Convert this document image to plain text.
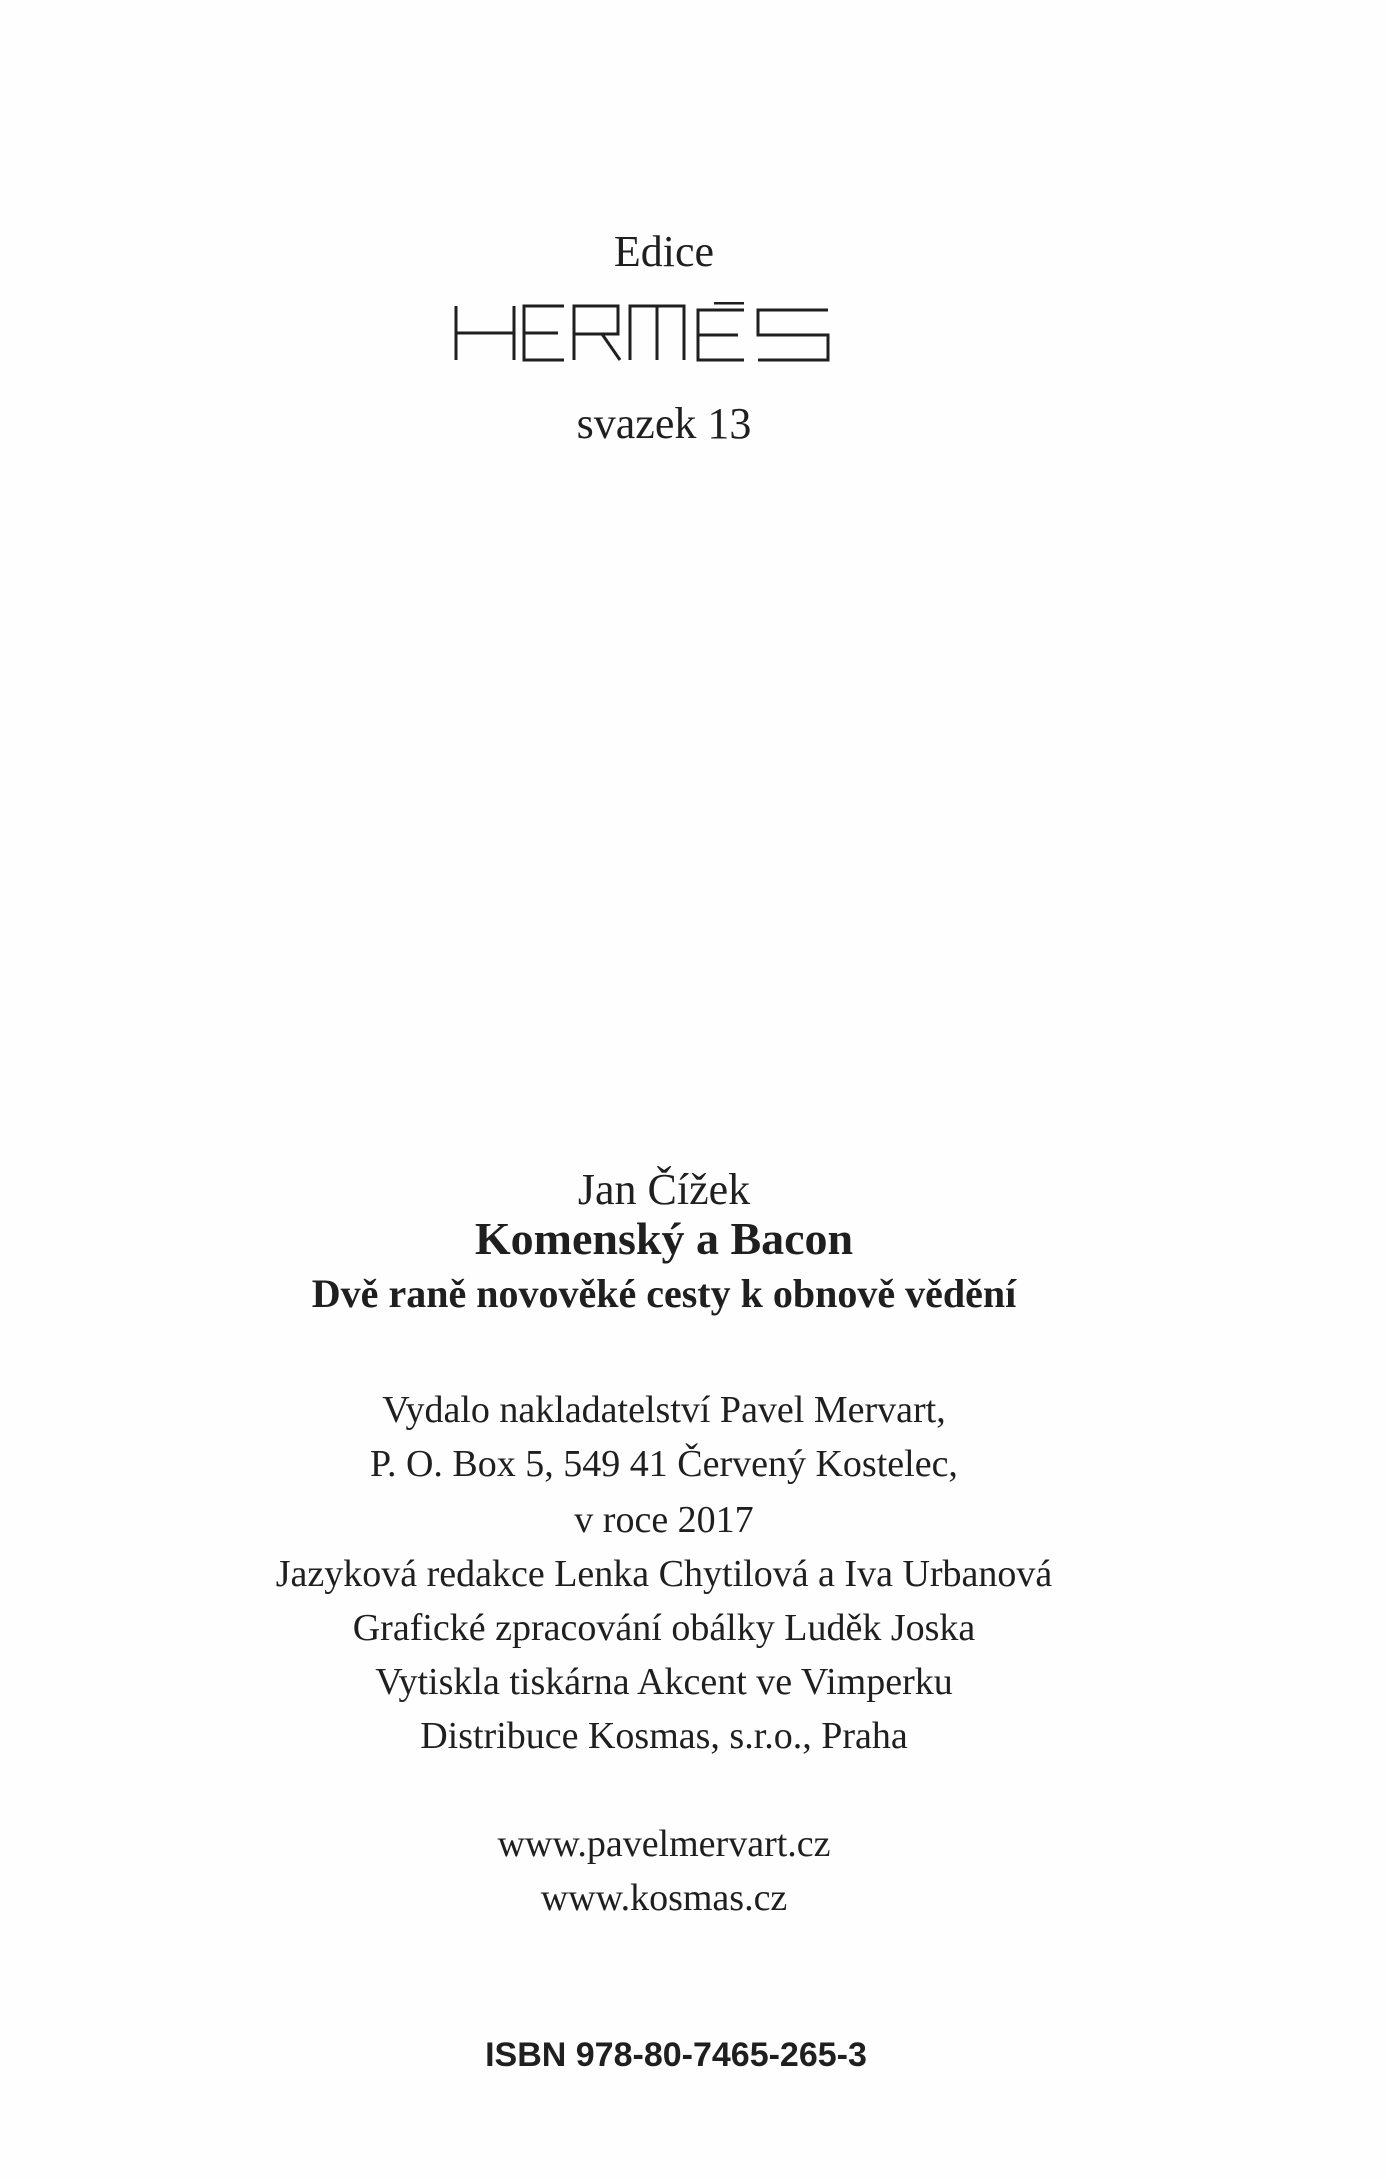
Edice
svazek 13
Jan Čížek
Komenský a Bacon
Dvě raně novověké cesty k obnově vědění
Vydalo nakladatelství Pavel Mervart,
P. O. Box 5, 549 41 Červený Kostelec,
v roce 2017
Jazyková redakce Lenka Chytilová a Iva Urbanová
Grafické zpracování obálky Luděk Joska
Vytiskla tiskárna Akcent ve Vimperku
Distribuce Kosmas, s.r.o., Praha
www.pavelmervart.cz
www.kosmas.cz
ISBN 978-80-7465-265-3
